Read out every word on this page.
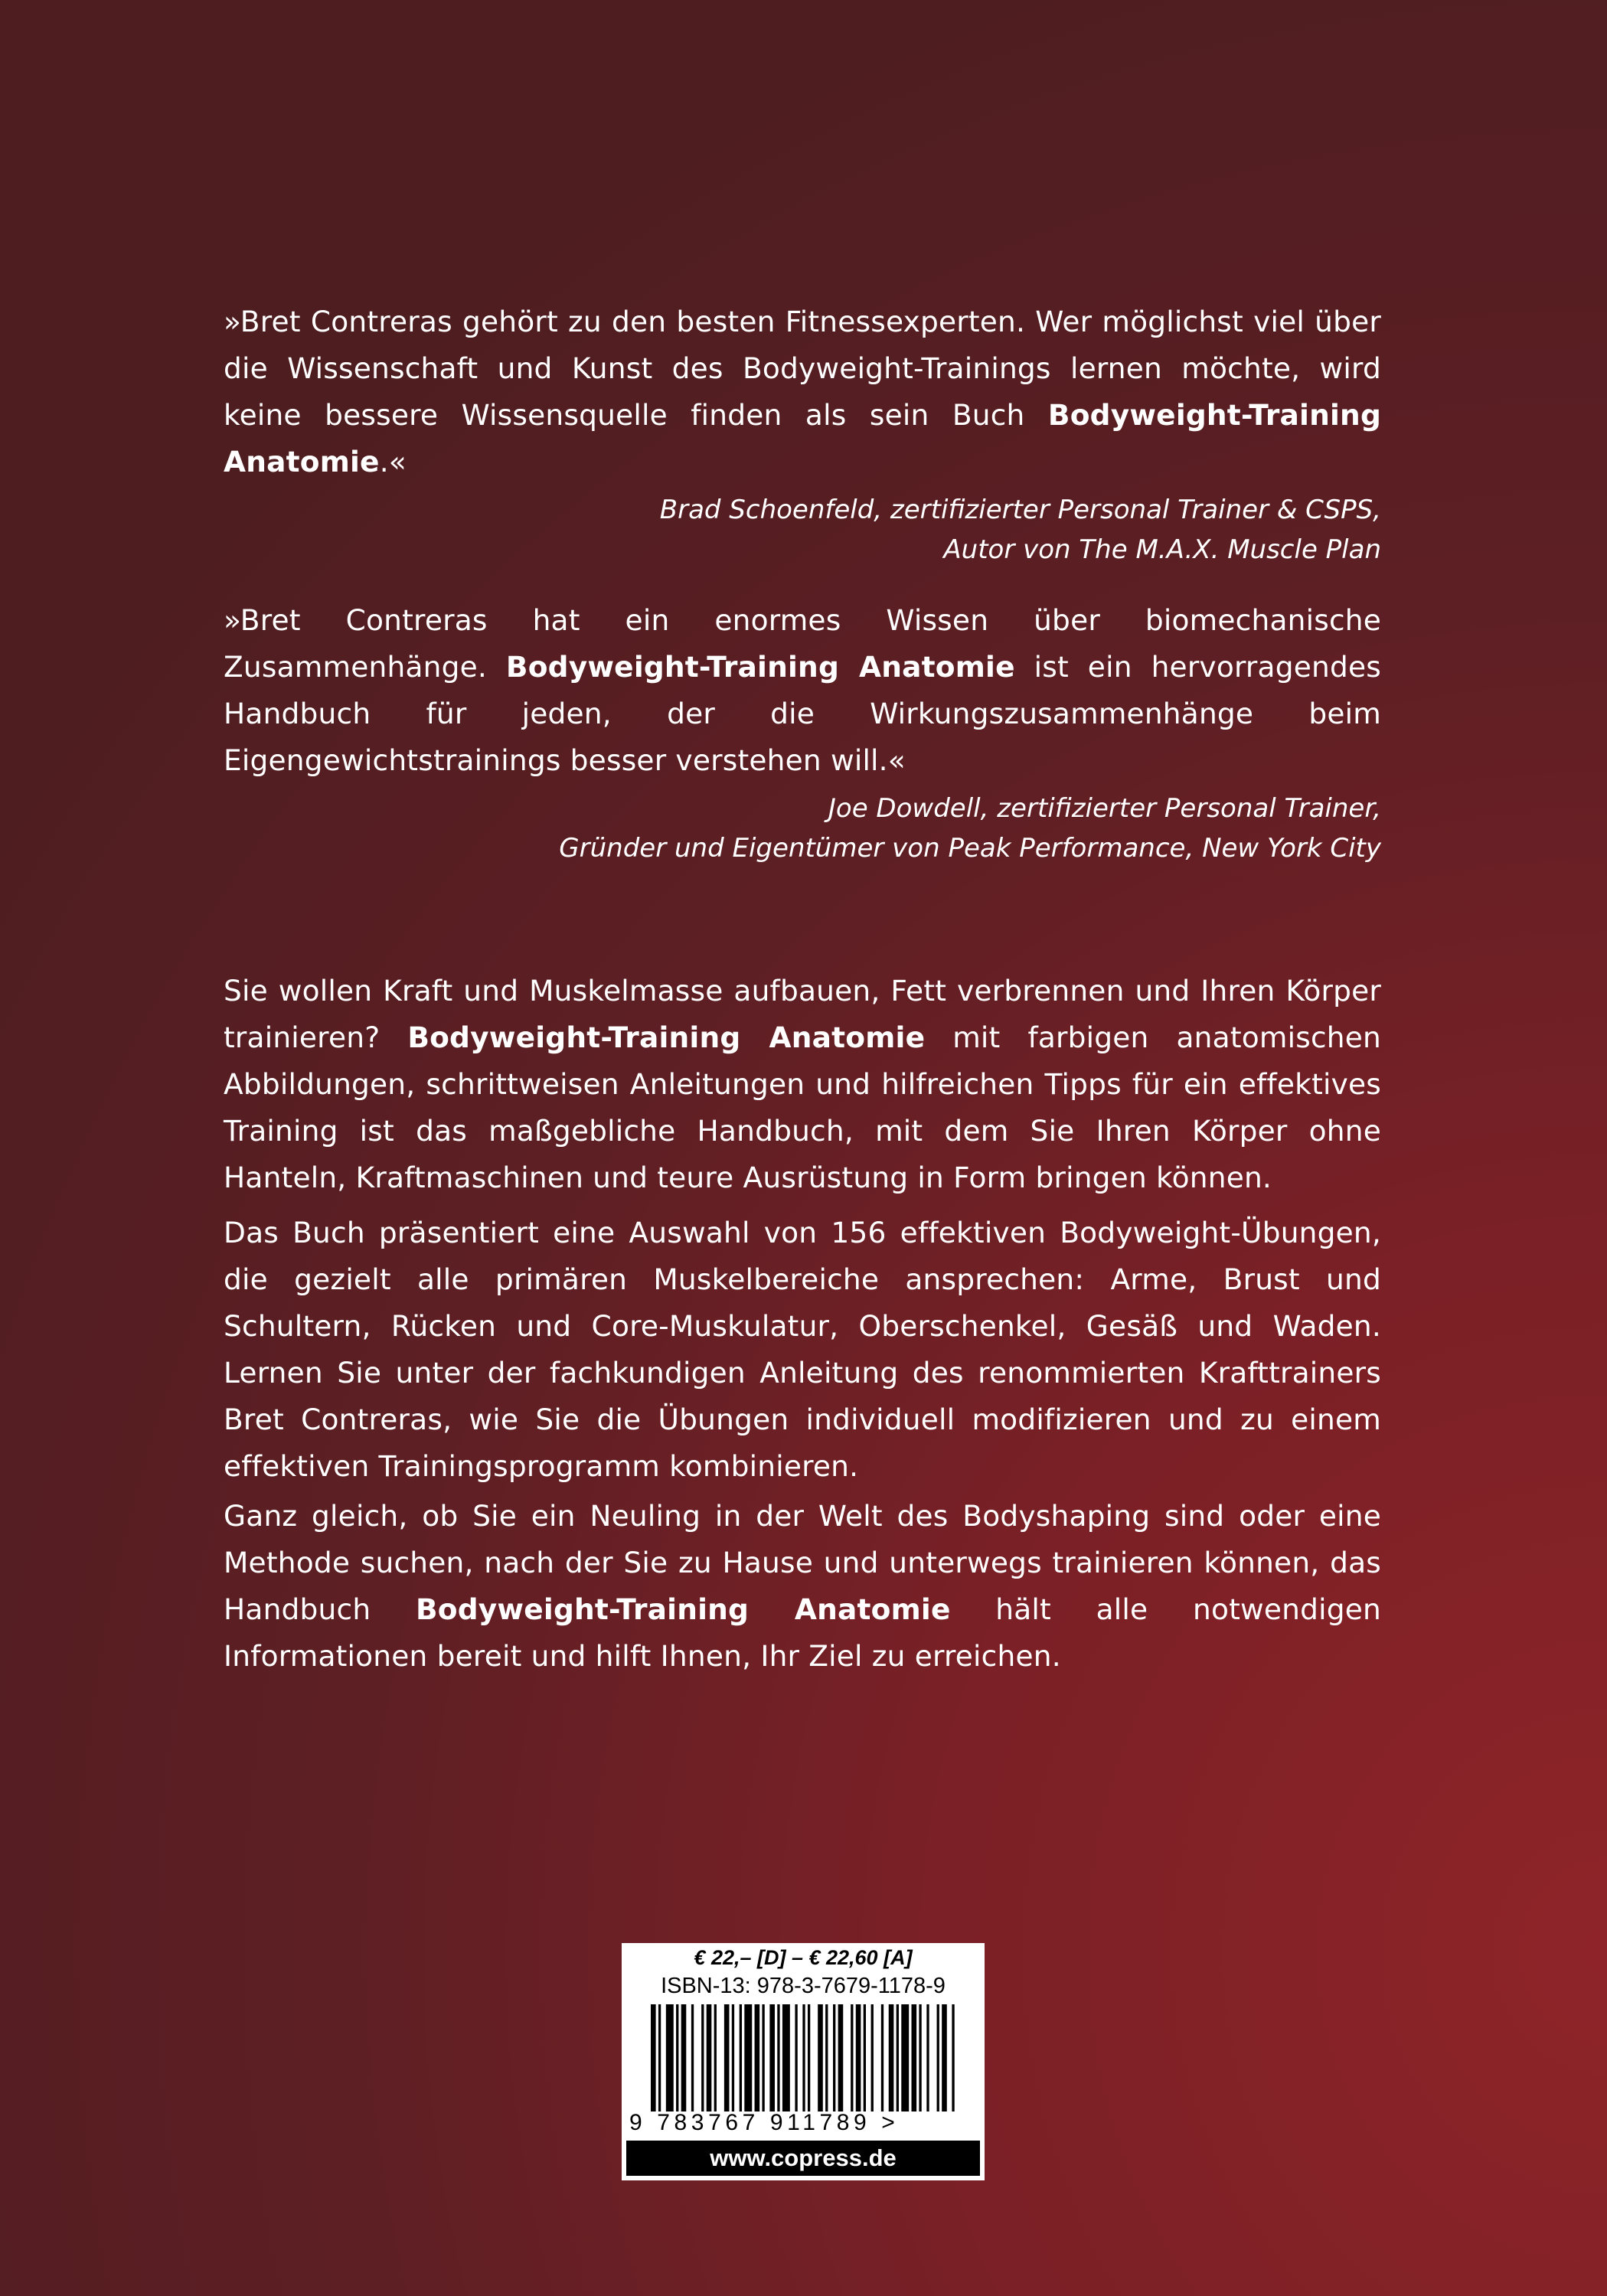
»Bret Contreras gehört zu den besten Fitnessexperten. Wer möglichst viel über die Wissenschaft und Kunst des Bodyweight-Trainings lernen möchte, wird keine bessere Wissensquelle finden als sein Buch Bodyweight-Training Anatomie.«

Brad Schoenfeld, zertifizierter Personal Trainer & CSPS,
Autor von The M.A.X. Muscle Plan

»Bret Contreras hat ein enormes Wissen über biomechanische Zusammenhänge. Bodyweight-Training Anatomie ist ein hervorragendes Handbuch für jeden, der die Wirkungszusammenhänge beim Eigengewichtstrainings besser verstehen will.«

Joe Dowdell, zertifizierter Personal Trainer,
Gründer und Eigentümer von Peak Performance, New York City

Sie wollen Kraft und Muskelmasse aufbauen, Fett verbrennen und Ihren Körper trainieren? Bodyweight-Training Anatomie mit farbigen anatomischen Abbildungen, schrittweisen Anleitungen und hilfreichen Tipps für ein effektives Training ist das maßgebliche Handbuch, mit dem Sie Ihren Körper ohne Hanteln, Kraftmaschinen und teure Ausrüstung in Form bringen können.

Das Buch präsentiert eine Auswahl von 156 effektiven Bodyweight-Übungen, die gezielt alle primären Muskelbereiche ansprechen: Arme, Brust und Schultern, Rücken und Core-Muskulatur, Oberschenkel, Gesäß und Waden. Lernen Sie unter der fachkundigen Anleitung des renommierten Krafttrainers Bret Contreras, wie Sie die Übungen individuell modifizieren und zu einem effektiven Trainingsprogramm kombinieren.

Ganz gleich, ob Sie ein Neuling in der Welt des Bodyshaping sind oder eine Methode suchen, nach der Sie zu Hause und unterwegs trainieren können, das Handbuch Bodyweight-Training Anatomie hält alle notwendigen Informationen bereit und hilft Ihnen, Ihr Ziel zu erreichen.

€ 22,– [D] – € 22,60 [A]
ISBN-13: 978-3-7679-1178-9
9 783767 911789 >
www.copress.de
